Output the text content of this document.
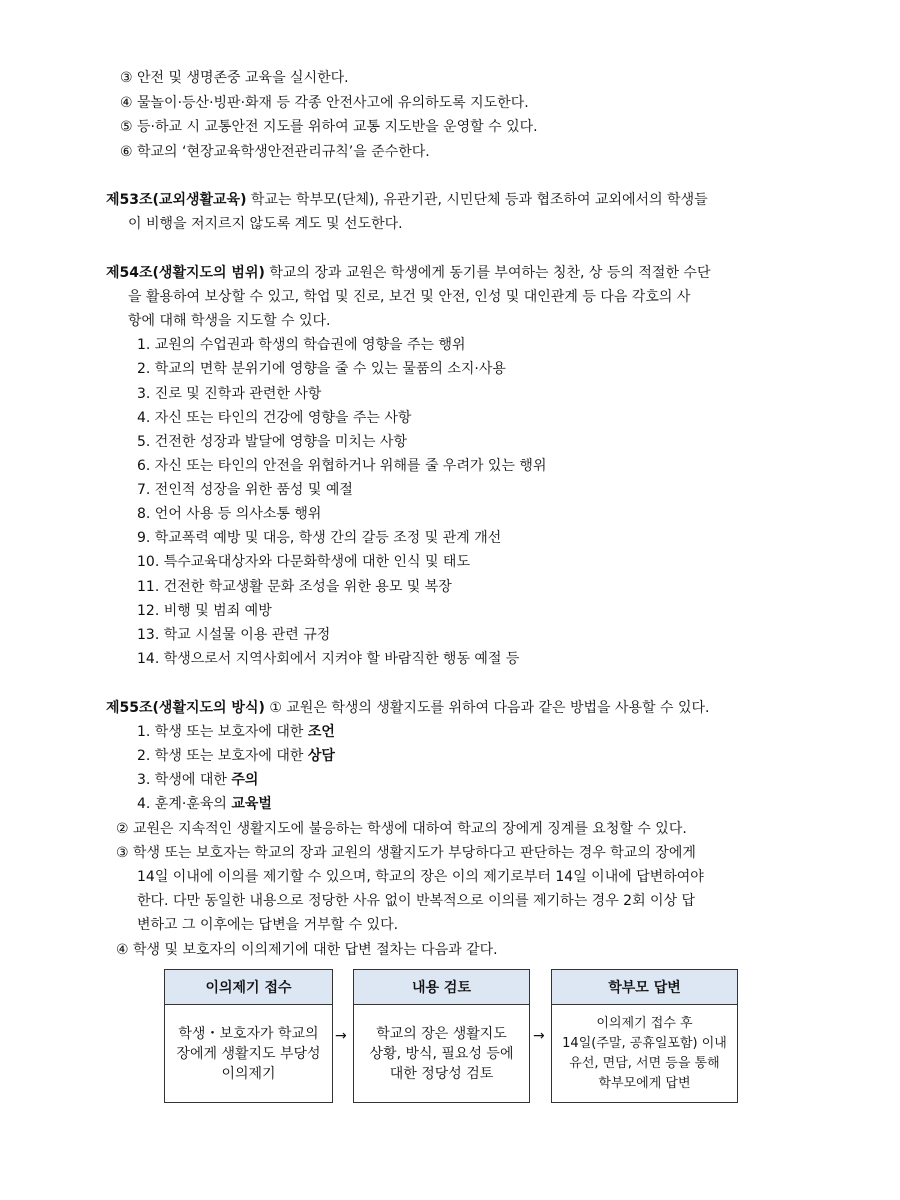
③ 안전 및 생명존중 교육을 실시한다.
④ 물놀이·등산·빙판·화재 등 각종 안전사고에 유의하도록 지도한다.
⑤ 등·하교 시 교통안전 지도를 위하여 교통 지도반을 운영할 수 있다.
⑥ 학교의 ‘현장교육학생안전관리규칙’을 준수한다.
제53조(교외생활교육) 학교는 학부모(단체), 유관기관, 시민단체 등과 협조하여 교외에서의 학생들
이 비행을 저지르지 않도록 계도 및 선도한다.
제54조(생활지도의 범위) 학교의 장과 교원은 학생에게 동기를 부여하는 칭찬, 상 등의 적절한 수단
을 활용하여 보상할 수 있고, 학업 및 진로, 보건 및 안전, 인성 및 대인관계 등 다음 각호의 사
항에 대해 학생을 지도할 수 있다.
1. 교원의 수업권과 학생의 학습권에 영향을 주는 행위
2. 학교의 면학 분위기에 영향을 줄 수 있는 물품의 소지·사용
3. 진로 및 진학과 관련한 사항
4. 자신 또는 타인의 건강에 영향을 주는 사항
5. 건전한 성장과 발달에 영향을 미치는 사항
6. 자신 또는 타인의 안전을 위협하거나 위해를 줄 우려가 있는 행위
7. 전인적 성장을 위한 품성 및 예절
8. 언어 사용 등 의사소통 행위
9. 학교폭력 예방 및 대응, 학생 간의 갈등 조정 및 관계 개선
10. 특수교육대상자와 다문화학생에 대한 인식 및 태도
11. 건전한 학교생활 문화 조성을 위한 용모 및 복장
12. 비행 및 범죄 예방
13. 학교 시설물 이용 관련 규정
14. 학생으로서 지역사회에서 지켜야 할 바람직한 행동 예절 등
제55조(생활지도의 방식) ① 교원은 학생의 생활지도를 위하여 다음과 같은 방법을 사용할 수 있다.
1. 학생 또는 보호자에 대한 조언
2. 학생 또는 보호자에 대한 상담
3. 학생에 대한 주의
4. 훈계·훈육의 교육벌
② 교원은 지속적인 생활지도에 불응하는 학생에 대하여 학교의 장에게 징계를 요청할 수 있다.
③ 학생 또는 보호자는 학교의 장과 교원의 생활지도가 부당하다고 판단하는 경우 학교의 장에게
14일 이내에 이의를 제기할 수 있으며, 학교의 장은 이의 제기로부터 14일 이내에 답변하여야
한다. 다만 동일한 내용으로 정당한 사유 없이 반복적으로 이의를 제기하는 경우 2회 이상 답
변하고 그 이후에는 답변을 거부할 수 있다.
④ 학생 및 보호자의 이의제기에 대한 답변 절차는 다음과 같다.
이의제기 접수
학생・보호자가 학교의
장에게 생활지도 부당성
이의제기
→
내용 검토
학교의 장은 생활지도
상황, 방식, 필요성 등에
대한 정당성 검토
→
학부모 답변
이의제기 접수 후
14일(주말, 공휴일포함) 이내
유선, 면담, 서면 등을 통해
학부모에게 답변
